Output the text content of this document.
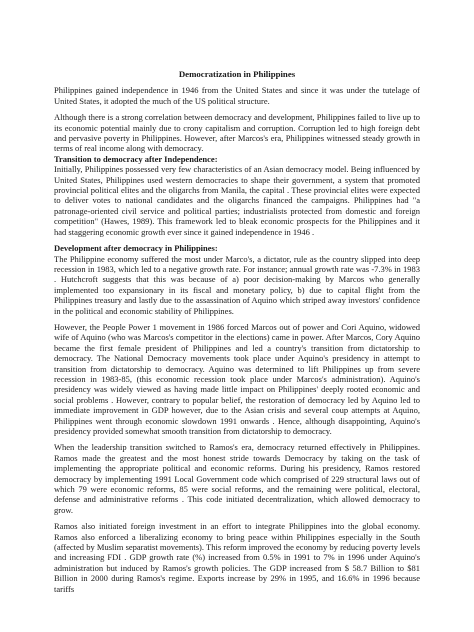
Democratization in Philippines

Philippines gained independence in 1946 from the United States and since it was under the tutelage of United States, it adopted the much of the US political structure.

Although there is a strong correlation between democracy and development, Philippines failed to live up to its economic potential mainly due to crony capitalism and corruption. Corruption led to high foreign debt and pervasive poverty in Philippines. However, after Marcos's era, Philippines witnessed steady growth in terms of real income along with democracy.

Transition to democracy after Independence:

Initially, Philippines possessed very few characteristics of an Asian democracy model. Being influenced by United States, Philippines used western democracies to shape their government, a system that promoted provincial political elites and the oligarchs from Manila, the capital . These provincial elites were expected to deliver votes to national candidates and the oligarchs financed the campaigns. Philippines had "a patronage-oriented civil service and political parties; industrialists protected from domestic and foreign competition" (Hawes, 1989). This framework led to bleak economic prospects for the Philippines and it had staggering economic growth ever since it gained independence in 1946 .

Development after democracy in Philippines:

The Philippine economy suffered the most under Marco's, a dictator, rule as the country slipped into deep recession in 1983, which led to a negative growth rate. For instance; annual growth rate was -7.3% in 1983 . Hutchcroft suggests that this was because of a) poor decision-making by Marcos who generally implemented too expansionary in its fiscal and monetary policy, b) due to capital flight from the Philippines treasury and lastly due to the assassination of Aquino which striped away investors' confidence in the political and economic stability of Philippines.

However, the People Power 1 movement in 1986 forced Marcos out of power and Cori Aquino, widowed wife of Aquino (who was Marcos's competitor in the elections) came in power. After Marcos, Cory Aquino became the first female president of Philippines and led a country's transition from dictatorship to democracy. The National Democracy movements took place under Aquino's presidency in attempt to transition from dictatorship to democracy. Aquino was determined to lift Philippines up from severe recession in 1983-85, (this economic recession took place under Marcos's administration). Aquino's presidency was widely viewed as having made little impact on Philippines' deeply rooted economic and social problems . However, contrary to popular belief, the restoration of democracy led by Aquino led to immediate improvement in GDP however, due to the Asian crisis and several coup attempts at Aquino, Philippines went through economic slowdown 1991 onwards . Hence, although disappointing, Aquino's presidency provided somewhat smooth transition from dictatorship to democracy.

When the leadership transition switched to Ramos's era, democracy returned effectively in Philippines. Ramos made the greatest and the most honest stride towards Democracy by taking on the task of implementing the appropriate political and economic reforms. During his presidency, Ramos restored democracy by implementing 1991 Local Government code which comprised of 229 structural laws out of which 79 were economic reforms, 85 were social reforms, and the remaining were political, electoral, defense and administrative reforms . This code initiated decentralization, which allowed democracy to grow.

Ramos also initiated foreign investment in an effort to integrate Philippines into the global economy. Ramos also enforced a liberalizing economy to bring peace within Philippines especially in the South (affected by Muslim separatist movements). This reform improved the economy by reducing poverty levels and increasing FDI . GDP growth rate (%) increased from 0.5% in 1991 to 7% in 1996 under Aquino's administration but induced by Ramos's growth policies. The GDP increased from $ 58.7 Billion to $81 Billion in 2000 during Ramos's regime. Exports increase by 29% in 1995, and 16.6% in 1996 because tariffs
